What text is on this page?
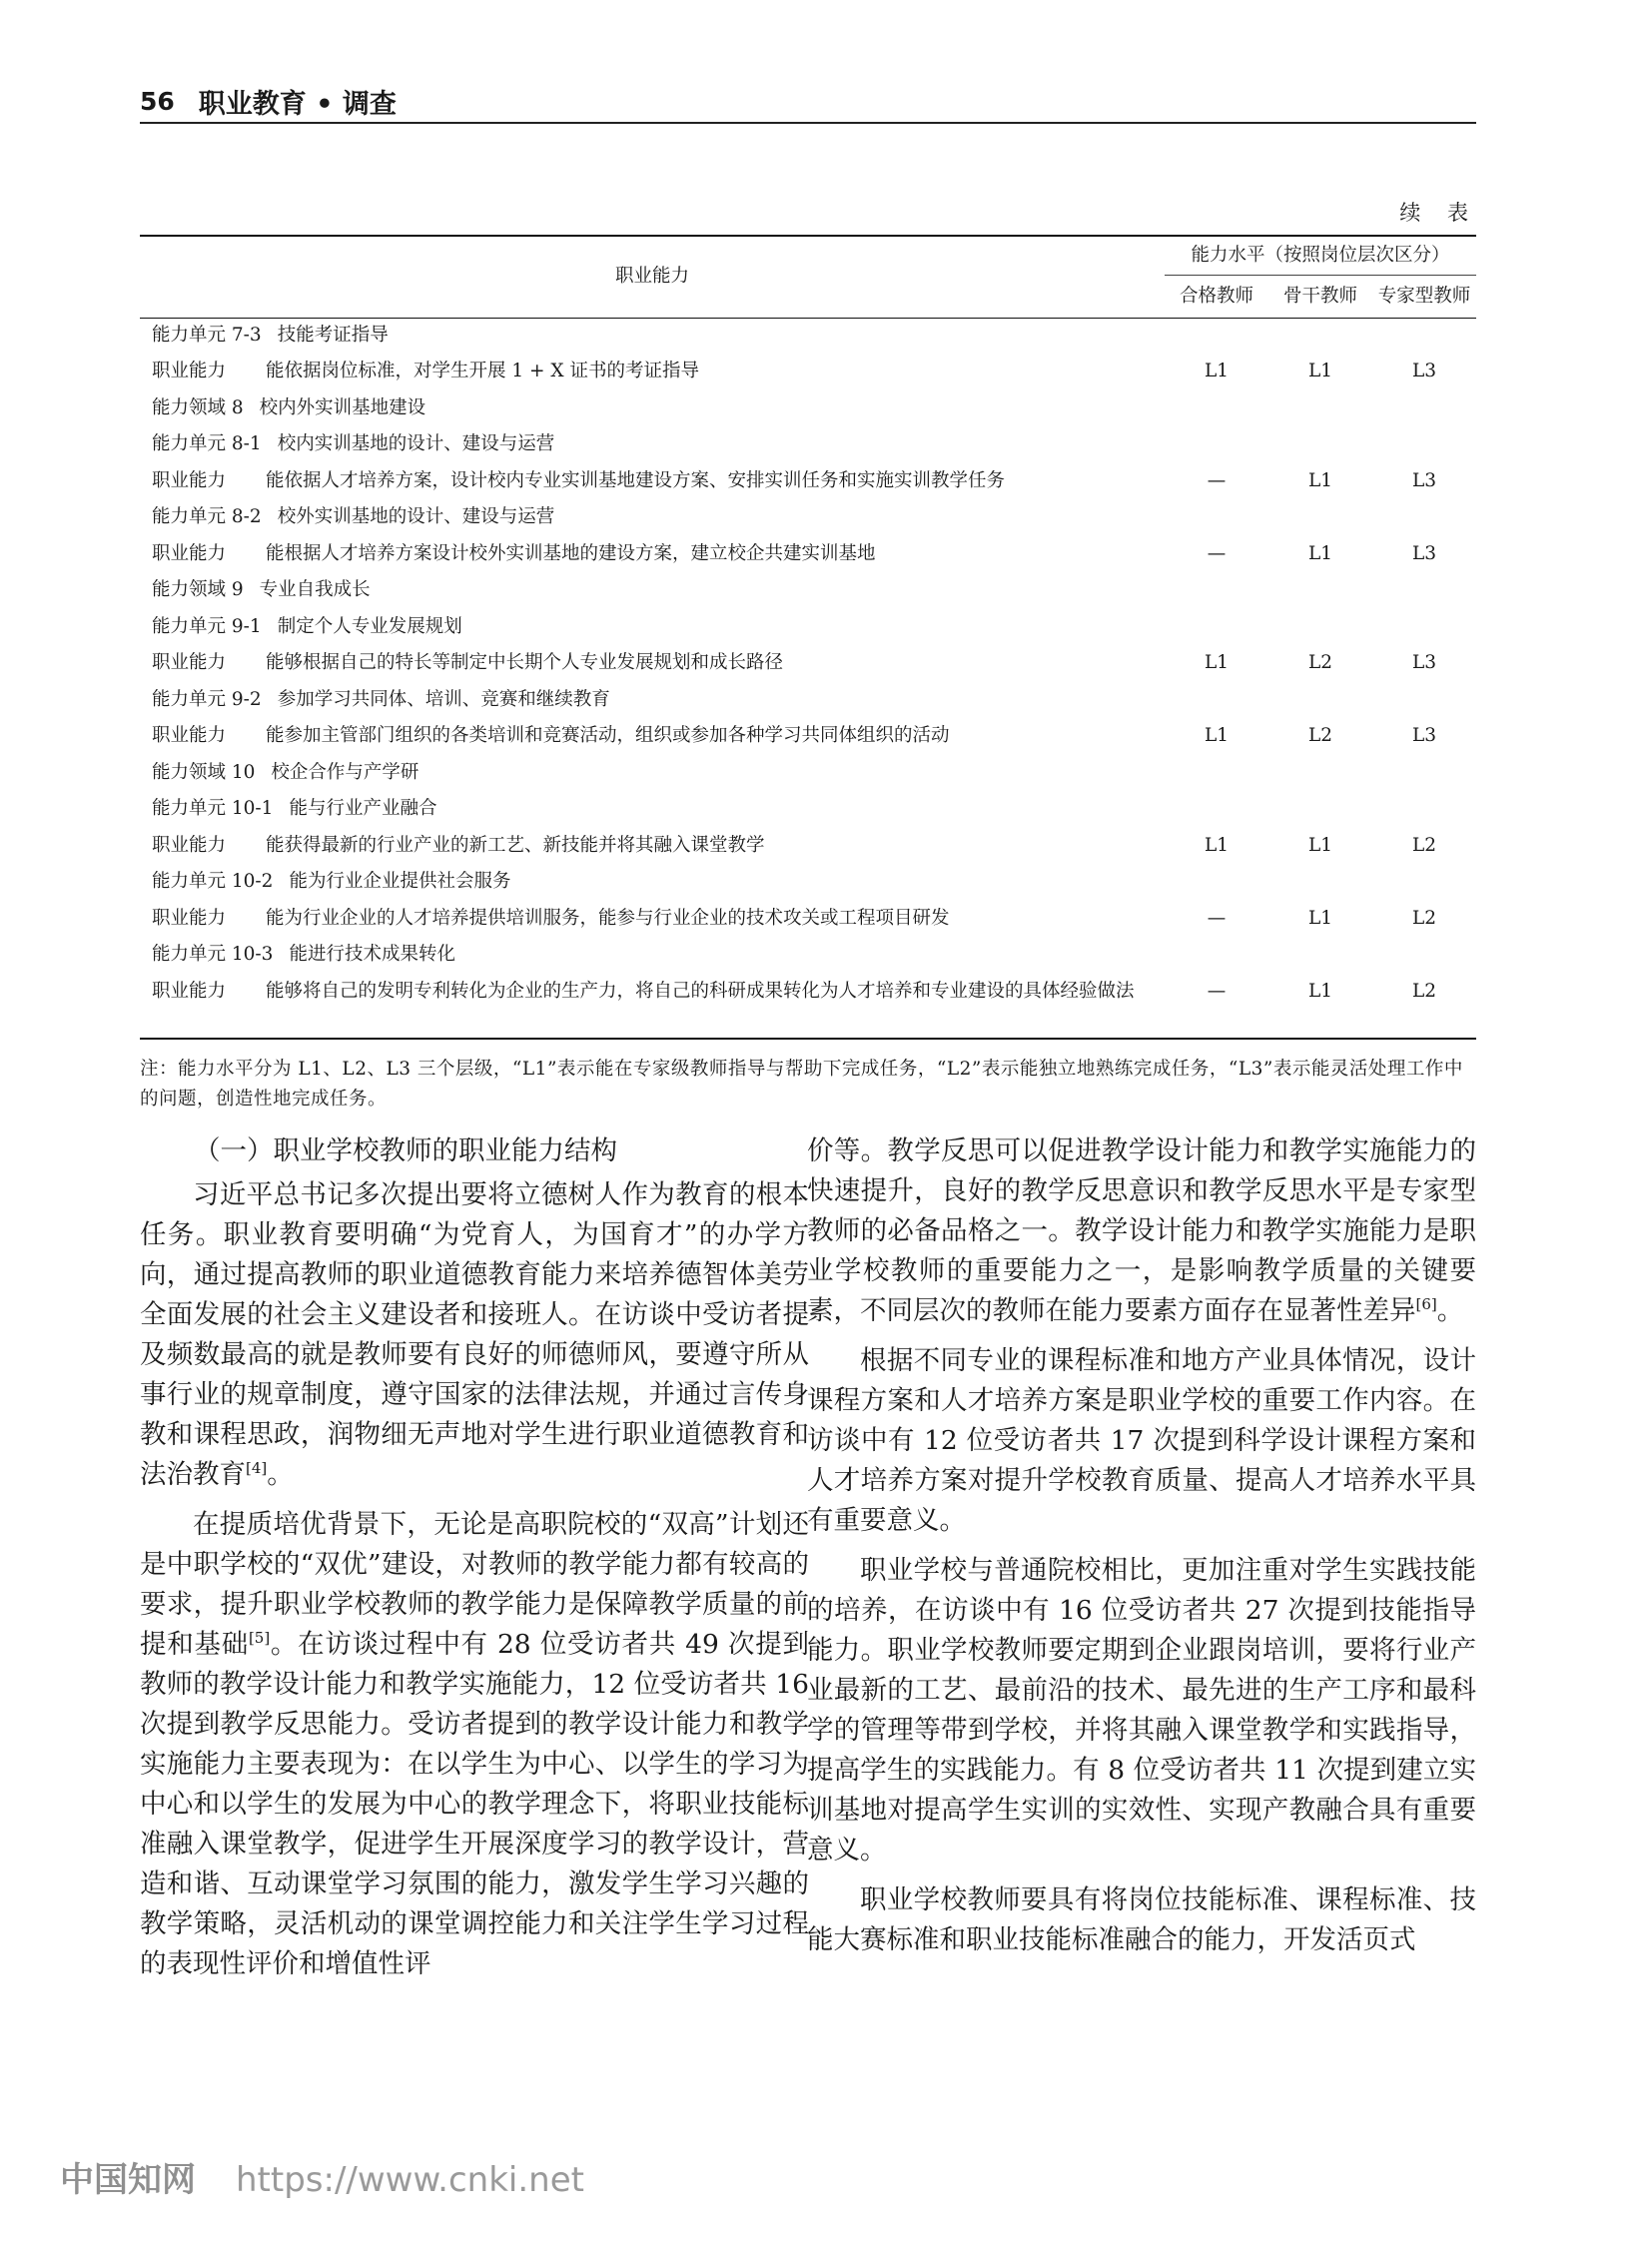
56 职业教育 • 调查
续 表
职业能力	能力水平（按照岗位层次区分）		
	合格教师	骨干教师	专家型教师
能力单元 7-3 技能考证指导			
职业能力 能依据岗位标准，对学生开展 1 + X 证书的考证指导	L1	L1	L3
能力领域 8 校内外实训基地建设			
能力单元 8-1 校内实训基地的设计、建设与运营			
职业能力 能依据人才培养方案，设计校内专业实训基地建设方案、安排实训任务和实施实训教学任务	—	L1	L3
能力单元 8-2 校外实训基地的设计、建设与运营			
职业能力 能根据人才培养方案设计校外实训基地的建设方案，建立校企共建实训基地	—	L1	L3
能力领域 9 专业自我成长			
能力单元 9-1 制定个人专业发展规划			
职业能力 能够根据自己的特长等制定中长期个人专业发展规划和成长路径	L1	L2	L3
能力单元 9-2 参加学习共同体、培训、竞赛和继续教育			
职业能力 能参加主管部门组织的各类培训和竞赛活动，组织或参加各种学习共同体组织的活动	L1	L2	L3
能力领域 10 校企合作与产学研			
能力单元 10-1 能与行业产业融合			
职业能力 能获得最新的行业产业的新工艺、新技能并将其融入课堂教学	L1	L1	L2
能力单元 10-2 能为行业企业提供社会服务			
职业能力 能为行业企业的人才培养提供培训服务，能参与行业企业的技术攻关或工程项目研发	—	L1	L2
能力单元 10-3 能进行技术成果转化			

职业能力 能够将自己的发明专利转化为企业的生产力，将自己的科研成果转化为人才培养和专业建设的具体经验做法	—	L1	L2
注：能力水平分为 L1、L2、L3 三个层级，“L1”表示能在专家级教师指导与帮助下完成任务，“L2”表示能独立地熟练完成任务，“L3”表示能灵活处理工作中的问题，创造性地完成任务。
（一）职业学校教师的职业能力结构

习近平总书记多次提出要将立德树人作为教育的根本任务。职业教育要明确“为党育人，为国育才”的办学方向，通过提高教师的职业道德教育能力来培养德智体美劳全面发展的社会主义建设者和接班人。在访谈中受访者提及频数最高的就是教师要有良好的师德师风，要遵守所从事行业的规章制度，遵守国家的法律法规，并通过言传身教和课程思政，润物细无声地对学生进行职业道德教育和法治教育[4]。

在提质培优背景下，无论是高职院校的“双高”计划还是中职学校的“双优”建设，对教师的教学能力都有较高的要求，提升职业学校教师的教学能力是保障教学质量的前提和基础[5]。在访谈过程中有 28 位受访者共 49 次提到教师的教学设计能力和教学实施能力，12 位受访者共 16 次提到教学反思能力。受访者提到的教学设计能力和教学实施能力主要表现为：在以学生为中心、以学生的学习为中心和以学生的发展为中心的教学理念下，将职业技能标准融入课堂教学，促进学生开展深度学习的教学设计，营造和谐、互动课堂学习氛围的能力，激发学生学习兴趣的教学策略，灵活机动的课堂调控能力和关注学生学习过程的表现性评价和增值性评

价等。教学反思可以促进教学设计能力和教学实施能力的快速提升，良好的教学反思意识和教学反思水平是专家型教师的必备品格之一。教学设计能力和教学实施能力是职业学校教师的重要能力之一，是影响教学质量的关键要素，不同层次的教师在能力要素方面存在显著性差异[6]。

根据不同专业的课程标准和地方产业具体情况，设计课程方案和人才培养方案是职业学校的重要工作内容。在访谈中有 12 位受访者共 17 次提到科学设计课程方案和人才培养方案对提升学校教育质量、提高人才培养水平具有重要意义。

职业学校与普通院校相比，更加注重对学生实践技能的培养，在访谈中有 16 位受访者共 27 次提到技能指导能力。职业学校教师要定期到企业跟岗培训，要将行业产业最新的工艺、最前沿的技术、最先进的生产工序和最科学的管理等带到学校，并将其融入课堂教学和实践指导，提高学生的实践能力。有 8 位受访者共 11 次提到建立实训基地对提高学生实训的实效性、实现产教融合具有重要意义。

职业学校教师要具有将岗位技能标准、课程标准、技能大赛标准和职业技能标准融合的能力，开发活页式

中国知网 https://www.cnki.net
